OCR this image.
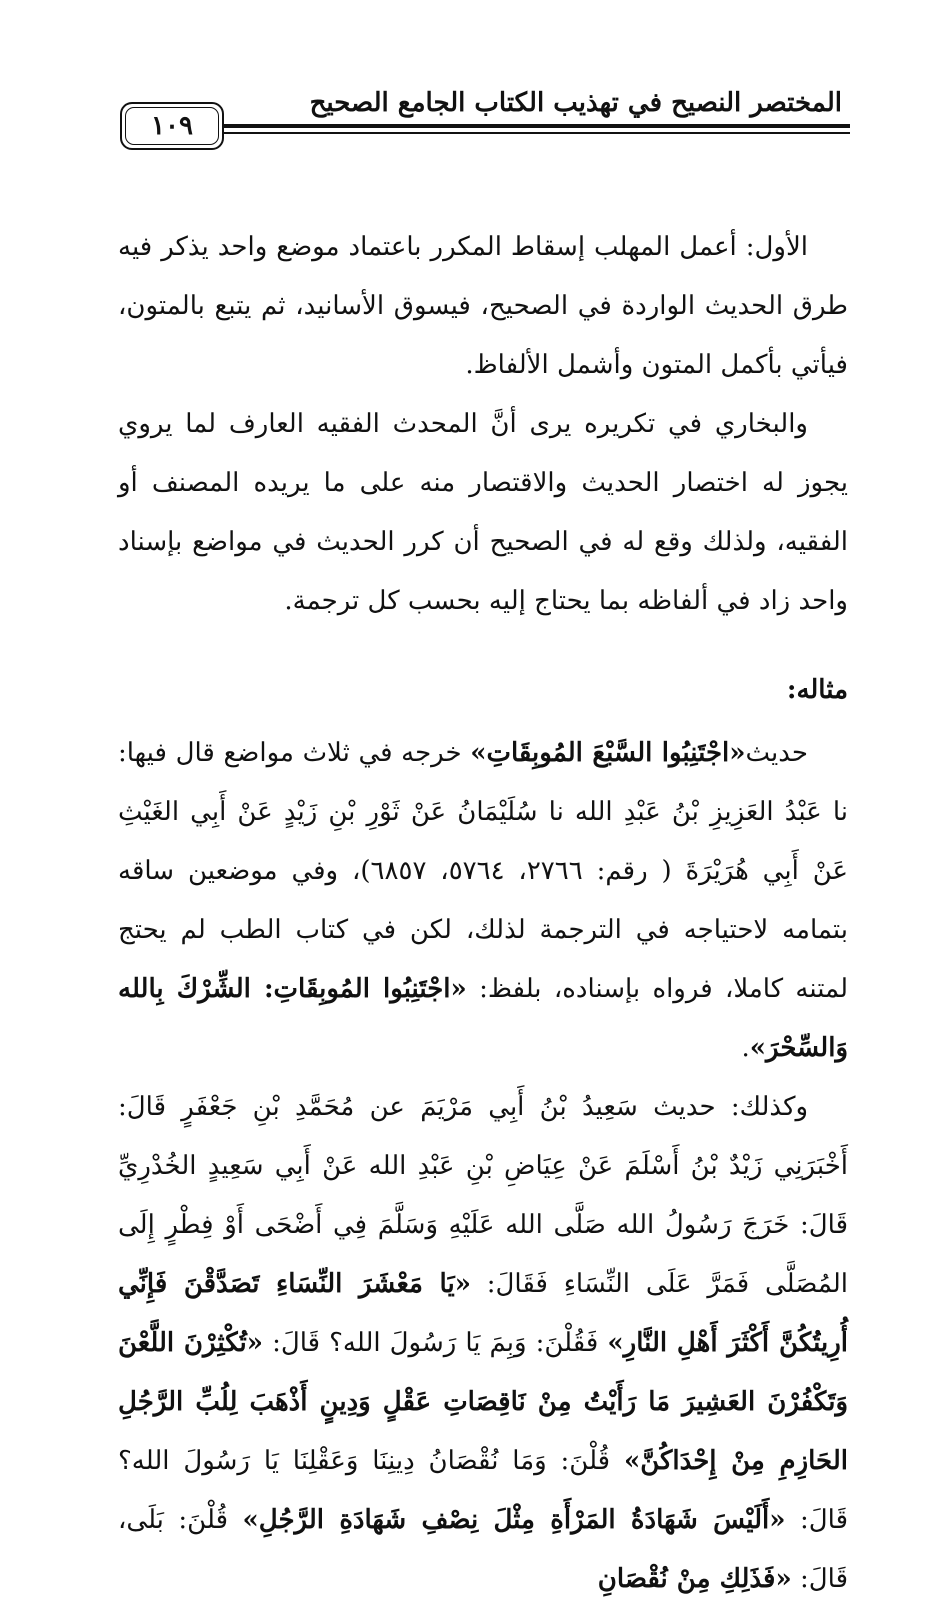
المختصر النصيح في تهذيب الكتاب الجامع الصحيح
١٠٩

الأول: أعمل المهلب إسقاط المكرر باعتماد موضع واحد يذكر فيه طرق الحديث الواردة في الصحيح، فيسوق الأسانيد، ثم يتبع بالمتون، فيأتي بأكمل المتون وأشمل الألفاظ.

والبخاري في تكريره يرى أنَّ المحدث الفقيه العارف لما يروي يجوز له اختصار الحديث والاقتصار منه على ما يريده المصنف أو الفقيه، ولذلك وقع له في الصحيح أن كرر الحديث في مواضع بإسناد واحد زاد في ألفاظه بما يحتاج إليه بحسب كل ترجمة.

مثاله:

حديث«اجْتَنِبُوا السَّبْعَ المُوبِقَاتِ» خرجه في ثلاث مواضع قال فيها: نا عَبْدُ العَزِيزِ بْنُ عَبْدِ الله نا سُلَيْمَانُ عَنْ ثَوْرِ بْنِ زَيْدٍ عَنْ أَبِي الغَيْثِ عَنْ أَبِي هُرَيْرَةَ ( رقم: ٢٧٦٦، ٥٧٦٤، ٦٨٥٧)، وفي موضعين ساقه بتمامه لاحتياجه في الترجمة لذلك، لكن في كتاب الطب لم يحتج لمتنه كاملا، فرواه بإسناده، بلفظ: «اجْتَنِبُوا المُوبِقَاتِ: الشِّرْكَ بِالله وَالسِّحْرَ».

وكذلك: حديث سَعِيدُ بْنُ أَبِي مَرْيَمَ عن مُحَمَّدِ بْنِ جَعْفَرٍ قَالَ: أَخْبَرَنِي زَيْدٌ بْنُ أَسْلَمَ عَنْ عِيَاضِ بْنِ عَبْدِ الله عَنْ أَبِي سَعِيدٍ الخُدْرِيِّ قَالَ: خَرَجَ رَسُولُ الله صَلَّى الله عَلَيْهِ وَسَلَّمَ فِي أَضْحَى أَوْ فِطْرٍ إِلَى المُصَلَّى فَمَرَّ عَلَى النِّسَاءِ فَقَالَ: «يَا مَعْشَرَ النِّسَاءِ تَصَدَّقْنَ فَإِنِّي أُرِيتُكُنَّ أَكْثَرَ أَهْلِ النَّارِ» فَقُلْنَ: وَبِمَ يَا رَسُولَ الله؟ قَالَ: «تُكْثِرْنَ اللَّعْنَ وَتَكْفُرْنَ العَشِيرَ مَا رَأَيْتُ مِنْ نَاقِصَاتِ عَقْلٍ وَدِينٍ أَذْهَبَ لِلُبِّ الرَّجُلِ الحَازِمِ مِنْ إِحْدَاكُنَّ» قُلْنَ: وَمَا نُقْصَانُ دِينِنَا وَعَقْلِنَا يَا رَسُولَ الله؟ قَالَ: «أَلَيْسَ شَهَادَةُ المَرْأَةِ مِثْلَ نِصْفِ شَهَادَةِ الرَّجُلِ» قُلْنَ: بَلَى، قَالَ: «فَذَلِكِ مِنْ نُقْصَانِ
